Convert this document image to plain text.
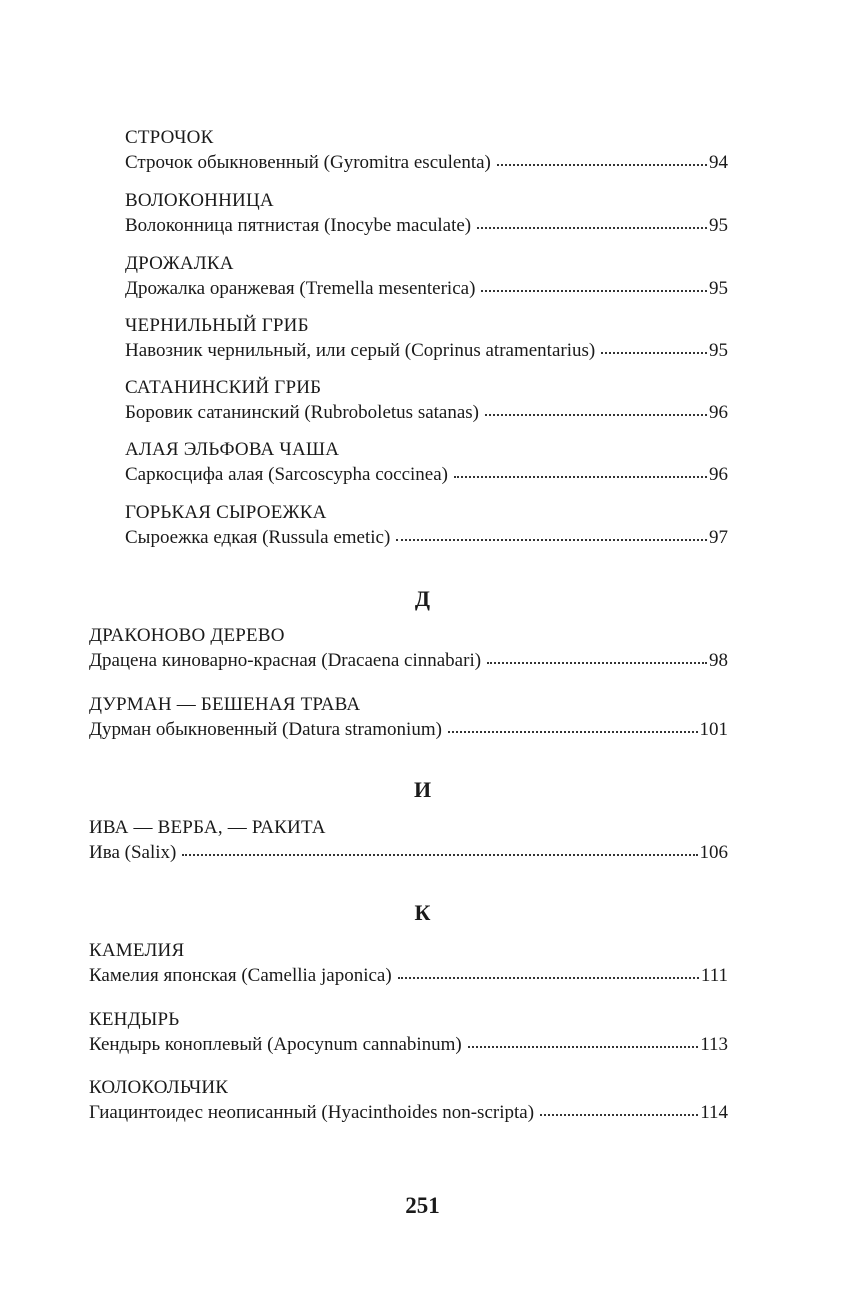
СТРОЧОК
Строчок обыкновенный (Gyromitra esculenta)	94
ВОЛОКОННИЦА
Волоконница пятнистая (Inocybe maculate)	95
ДРОЖАЛКА
Дрожалка оранжевая (Tremella mesenterica)	95
ЧЕРНИЛЬНЫЙ ГРИБ
Навозник чернильный, или серый (Coprinus atramentarius)	95
САТАНИНСКИЙ ГРИБ
Боровик сатанинский (Rubroboletus satanas)	96
АЛАЯ ЭЛЬФОВА ЧАША
Саркосцифа алая (Sarcoscypha coccinea)	96
ГОРЬКАЯ СЫРОЕЖКА
Сыроежка едкая (Russula emetic)	97
Д
ДРАКОНОВО ДЕРЕВО
Драцена киноварно-красная (Dracaena cinnabari)	98
ДУРМАН — БЕШЕНАЯ ТРАВА
Дурман обыкновенный (Datura stramonium)	101
И
ИВА — ВЕРБА, — РАКИТА
Ива (Salix)	106
К
КАМЕЛИЯ
Камелия японская (Camellia japonica)	111
КЕНДЫРЬ
Кендырь коноплевый (Apocynum cannabinum)	113
КОЛОКОЛЬЧИК
Гиацинтоидес неописанный (Hyacinthoides non-scripta)	114
251
